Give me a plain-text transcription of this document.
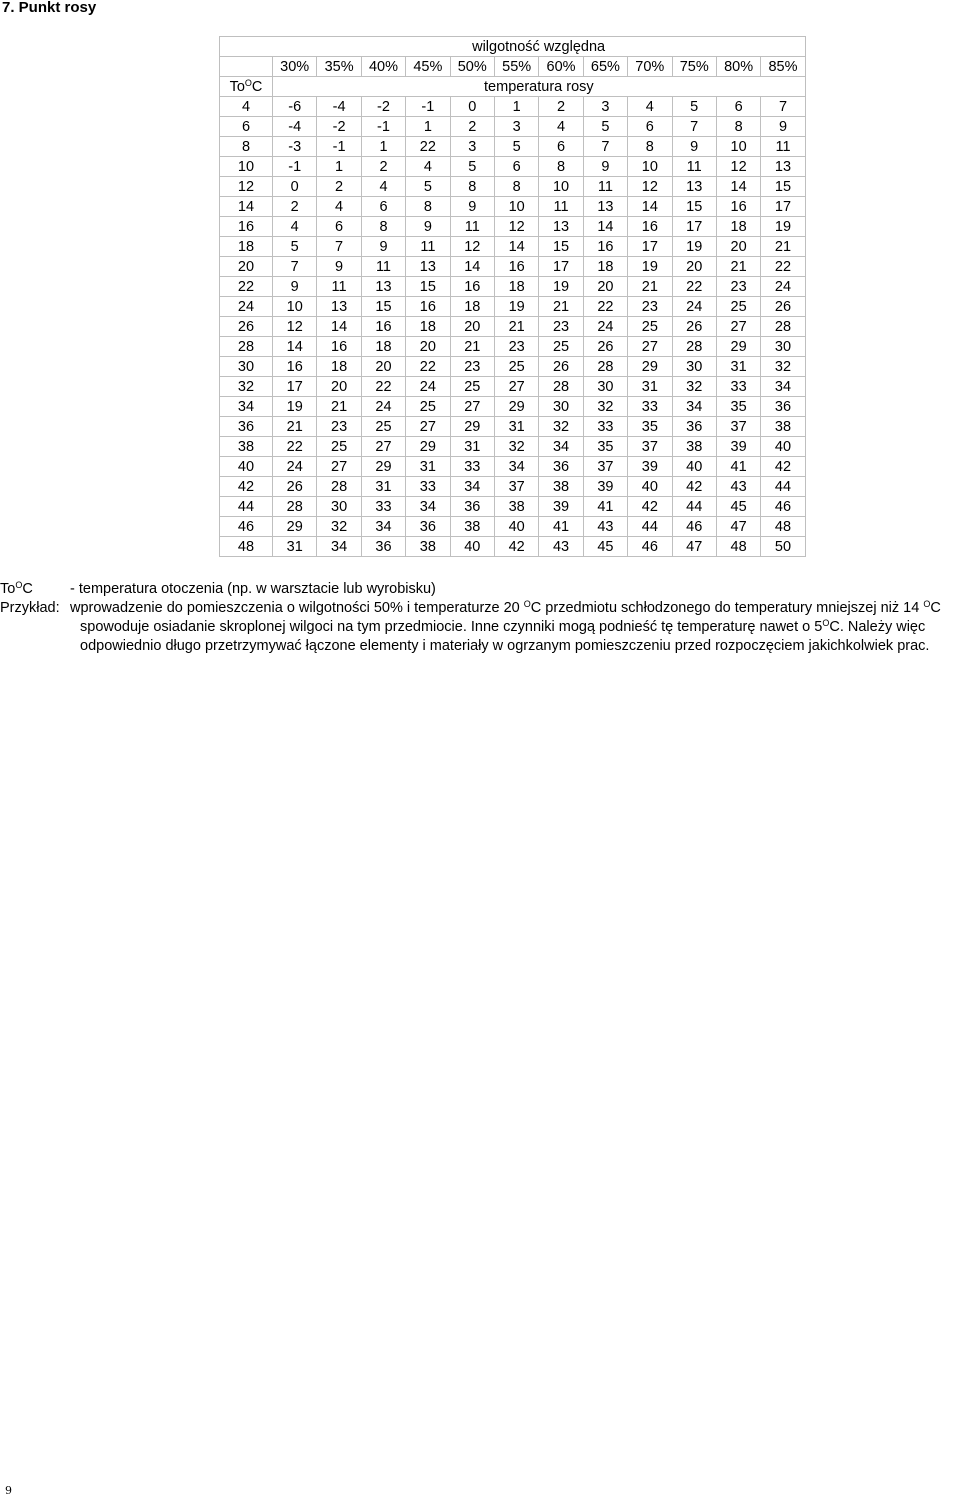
7. Punkt rosy
	wilgotność względna											
	30%	35%	40%	45%	50%	55%	60%	65%	70%	75%	80%	85%
$To^OC$	temperatura rosy											
4	-6	-4	-2	-1	0	1	2	3	4	5	6	7
6	-4	-2	-1	1	2	3	4	5	6	7	8	9
8	-3	-1	1	22	3	5	6	7	8	9	10	11
10	-1	1	2	4	5	6	8	9	10	11	12	13
12	0	2	4	5	8	8	10	11	12	13	14	15
14	2	4	6	8	9	10	11	13	14	15	16	17
16	4	6	8	9	11	12	13	14	16	17	18	19
18	5	7	9	11	12	14	15	16	17	19	20	21
20	7	9	11	13	14	16	17	18	19	20	21	22
22	9	11	13	15	16	18	19	20	21	22	23	24
24	10	13	15	16	18	19	21	22	23	24	25	26
26	12	14	16	18	20	21	23	24	25	26	27	28
28	14	16	18	20	21	23	25	26	27	28	29	30
30	16	18	20	22	23	25	26	28	29	30	31	32
32	17	20	22	24	25	27	28	30	31	32	33	34
34	19	21	24	25	27	29	30	32	33	34	35	36
36	21	23	25	27	29	31	32	33	35	36	37	38
38	22	25	27	29	31	32	34	35	37	38	39	40
40	24	27	29	31	33	34	36	37	39	40	41	42
42	26	28	31	33	34	37	38	39	40	42	43	44
44	28	30	33	34	36	38	39	41	42	44	45	46
46	29	32	34	36	38	40	41	43	44	46	47	48
48	31	34	36	38	40	42	43	45	46	47	48	50
$To^OC$	- temperatura otoczenia (np. w warsztacie lub wyrobisku)
Przykład: wprowadzenie do pomieszczenia o wilgotności 50% i temperaturze 20 $^O$C przedmiotu schłodzonego do temperatury mniejszej niż 14 $^O$C
spowoduje osiadanie skroplonej wilgoci na tym przedmiocie. Inne czynniki mogą podnieść tę temperaturę nawet o $5^OC$. Należy więc
odpowiednio długo przetrzymywać łączone elementy i materiały w ogrzanym pomieszczeniu przed rozpoczęciem jakichkolwiek prac.
9
